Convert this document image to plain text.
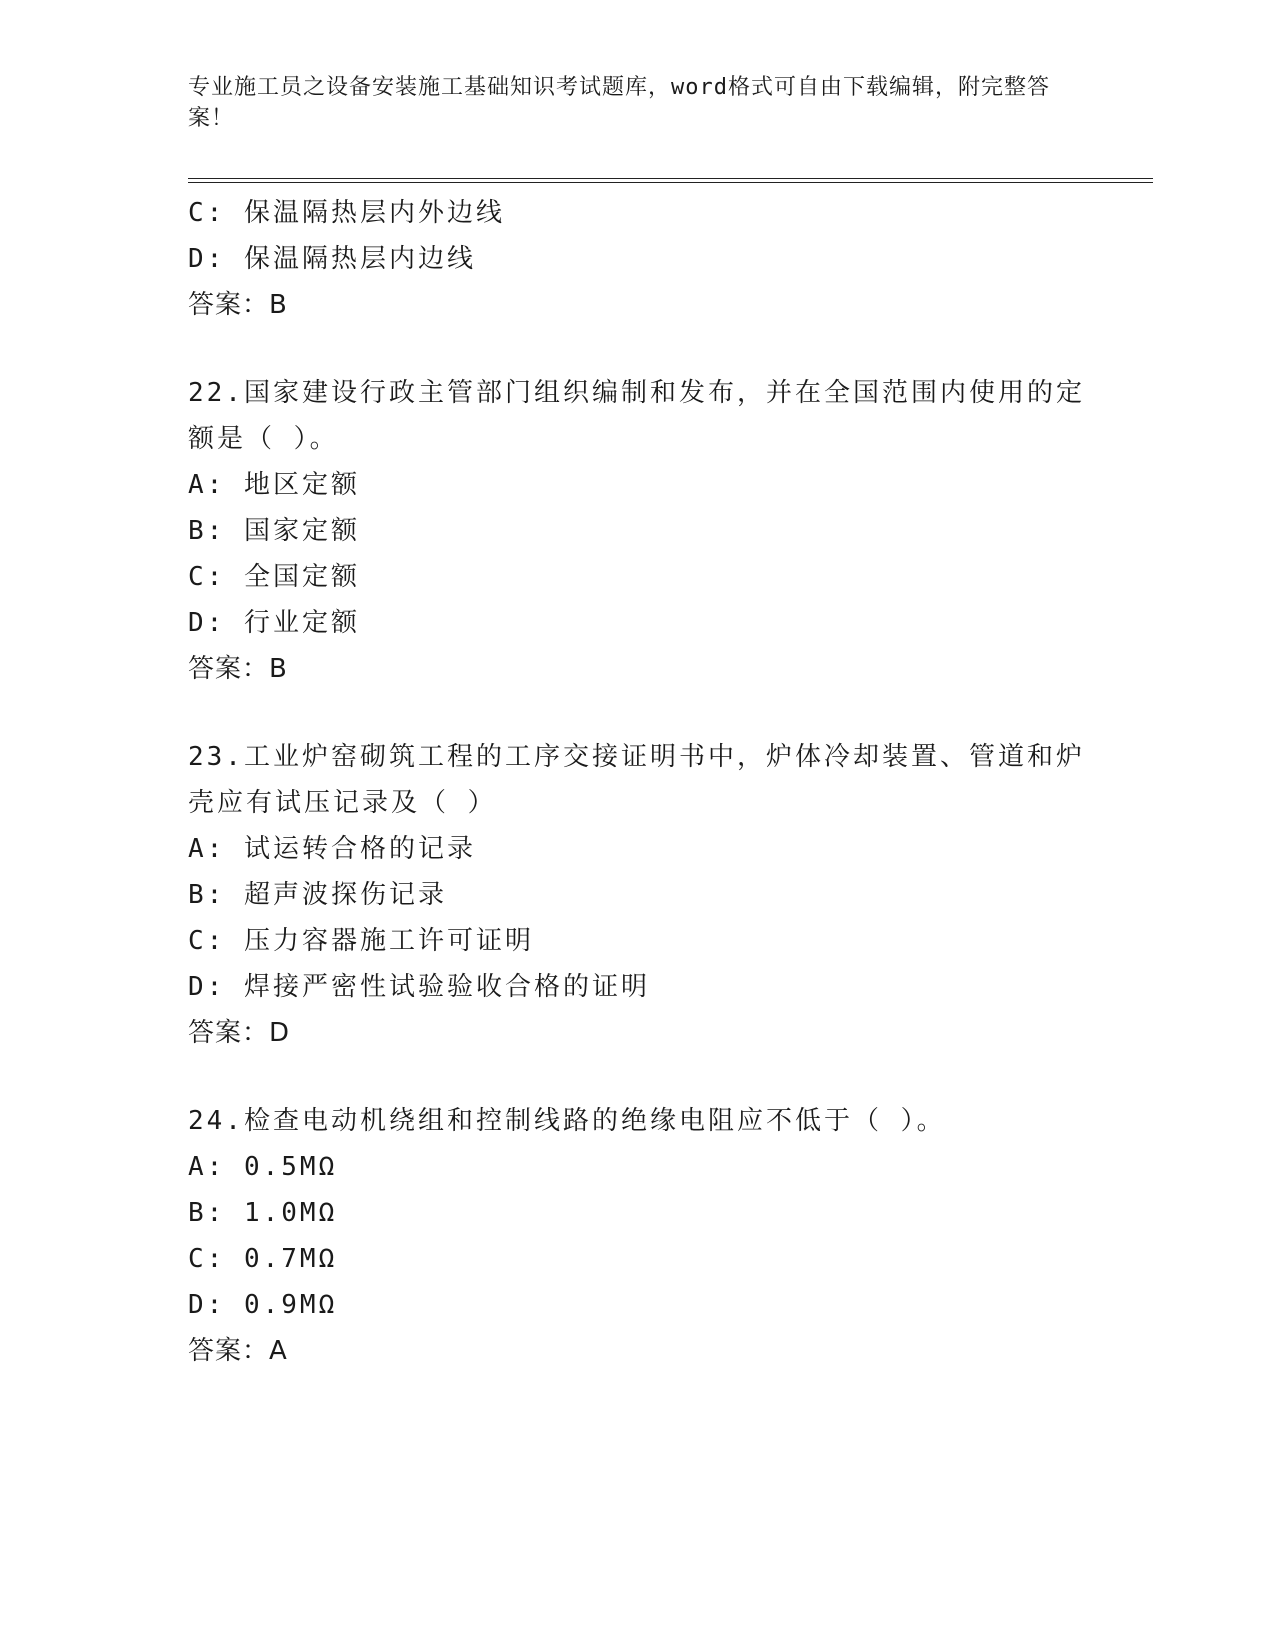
专业施工员之设备安装施工基础知识考试题库，word格式可自由下载编辑，附完整答案！
C: 保温隔热层内外边线
D: 保温隔热层内边线
答案：B
22.国家建设行政主管部门组织编制和发布，并在全国范围内使用的定额是（ ）。
A: 地区定额
B: 国家定额
C: 全国定额
D: 行业定额
答案：B
23.工业炉窑砌筑工程的工序交接证明书中，炉体冷却装置、管道和炉壳应有试压记录及（ ）
A: 试运转合格的记录
B: 超声波探伤记录
C: 压力容器施工许可证明
D: 焊接严密性试验验收合格的证明
答案：D
24.检查电动机绕组和控制线路的绝缘电阻应不低于（ ）。
A: 0.5MΩ
B: 1.0MΩ
C: 0.7MΩ
D: 0.9MΩ
答案：A
